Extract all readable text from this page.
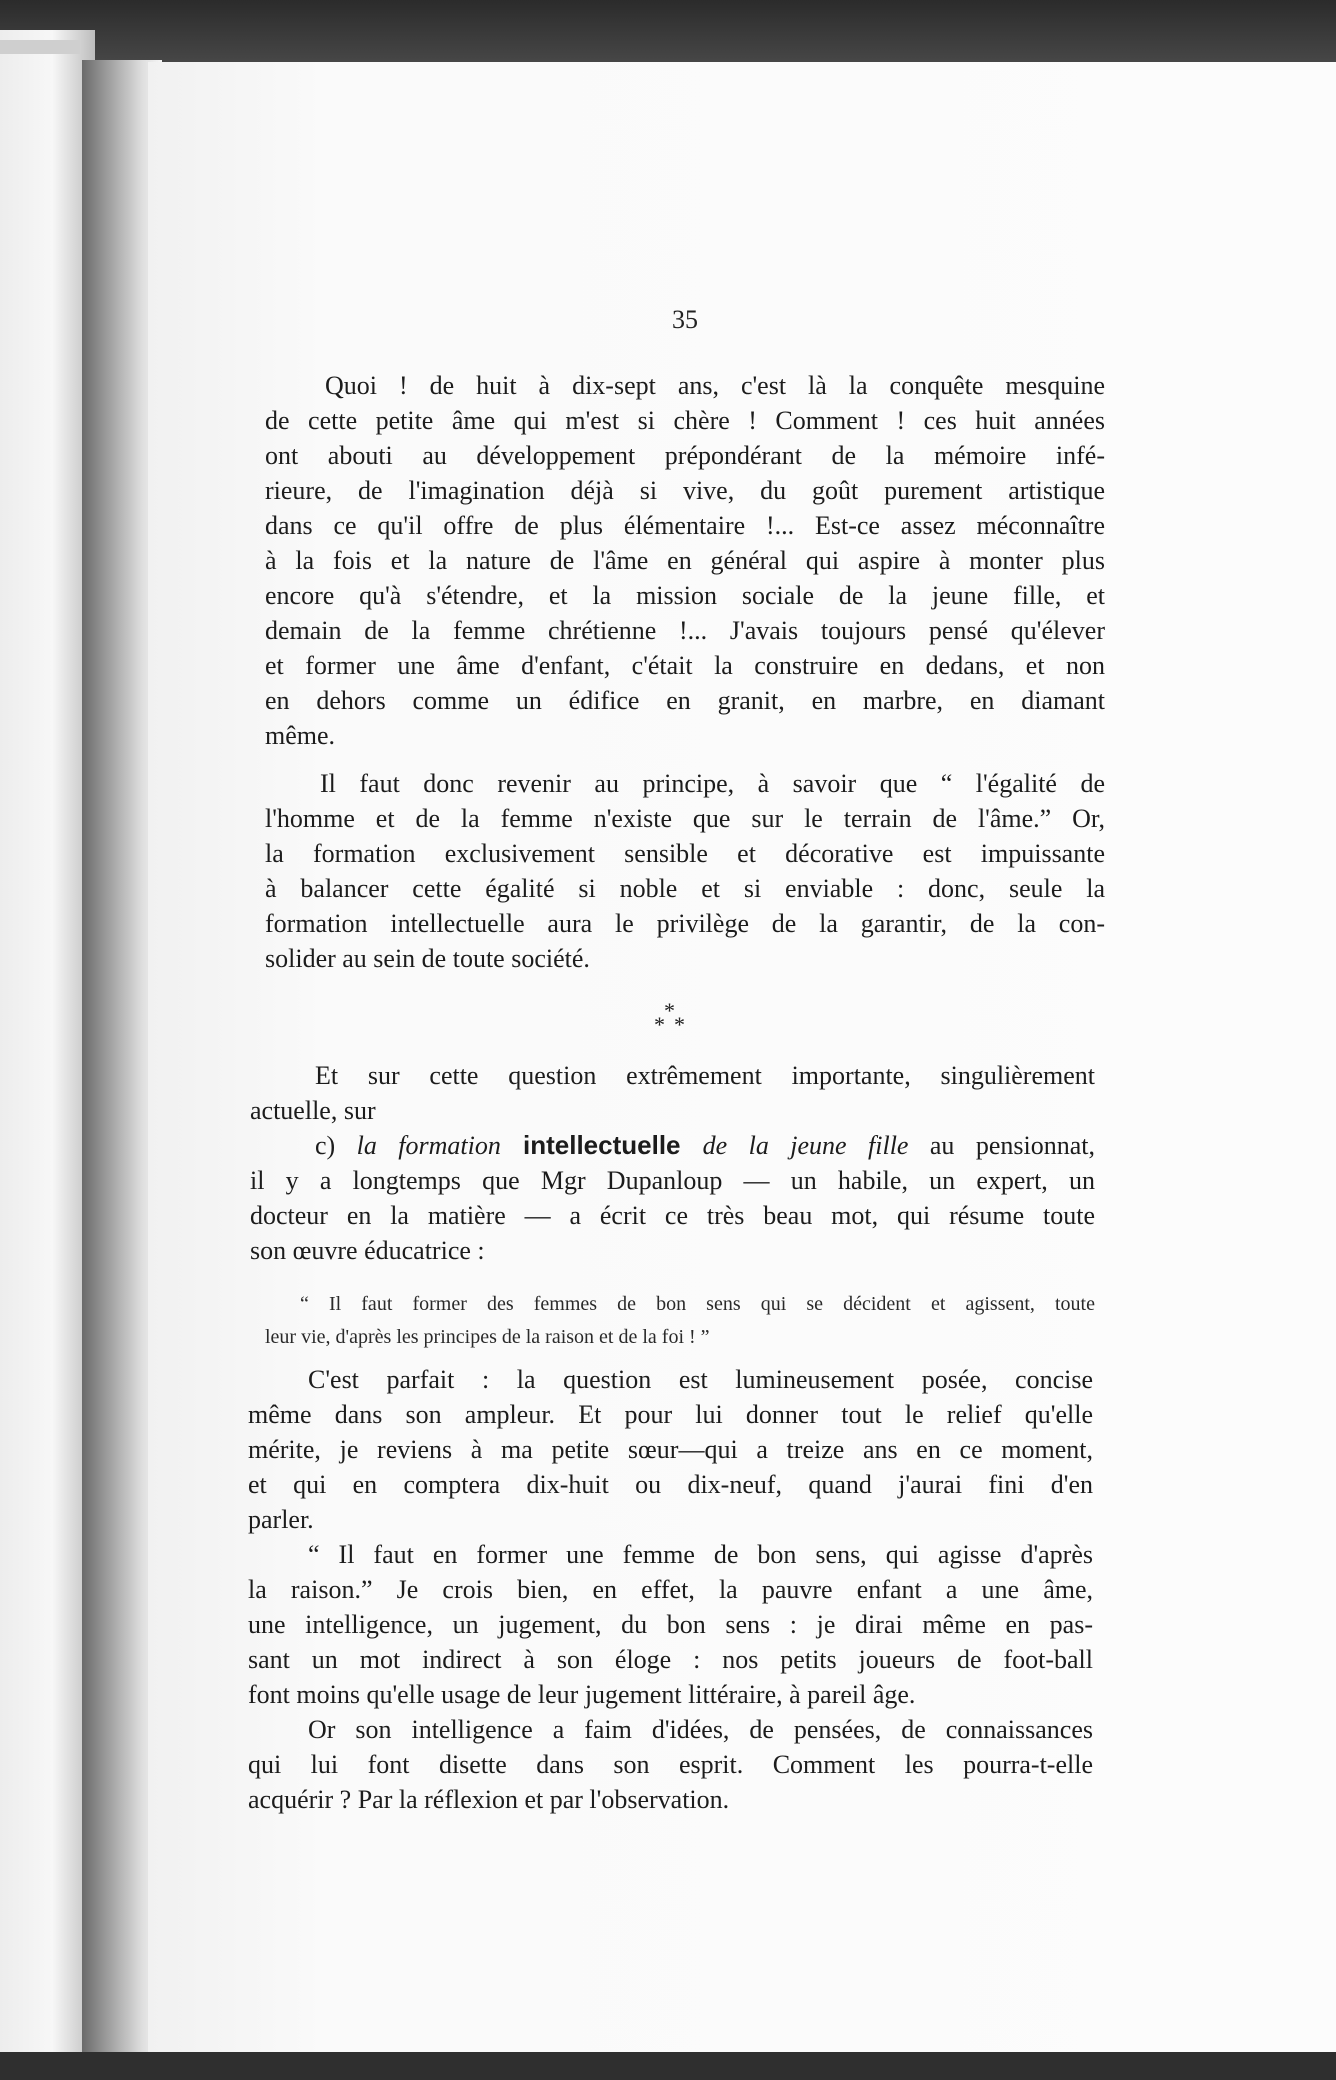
35
Quoi ! de huit à dix-sept ans, c'est là la conquête mesquine
de cette petite âme qui m'est si chère ! Comment ! ces huit années
ont abouti au développement prépondérant de la mémoire infé-
rieure, de l'imagination déjà si vive, du goût purement artistique
dans ce qu'il offre de plus élémentaire !... Est-ce assez méconnaître
à la fois et la nature de l'âme en général qui aspire à monter plus
encore qu'à s'étendre, et la mission sociale de la jeune fille, et
demain de la femme chrétienne !... J'avais toujours pensé qu'élever
et former une âme d'enfant, c'était la construire en dedans, et non
en dehors comme un édifice en granit, en marbre, en diamant
même.
Il faut donc revenir au principe, à savoir que “ l'égalité de
l'homme et de la femme n'existe que sur le terrain de l'âme.” Or,
la formation exclusivement sensible et décorative est impuissante
à balancer cette égalité si noble et si enviable : donc, seule la
formation intellectuelle aura le privilège de la garantir, de la con-
solider au sein de toute société.
*
* *
Et sur cette question extrêmement importante, singulièrement
actuelle, sur
c) la formation intellectuelle de la jeune fille au pensionnat,
il y a longtemps que Mgr Dupanloup — un habile, un expert, un
docteur en la matière — a écrit ce très beau mot, qui résume toute
son œuvre éducatrice :
“ Il faut former des femmes de bon sens qui se décident et agissent, toute
leur vie, d'après les principes de la raison et de la foi ! ”
C'est parfait : la question est lumineusement posée, concise
même dans son ampleur. Et pour lui donner tout le relief qu'elle
mérite, je reviens à ma petite sœur—qui a treize ans en ce moment,
et qui en comptera dix-huit ou dix-neuf, quand j'aurai fini d'en
parler.
“ Il faut en former une femme de bon sens, qui agisse d'après
la raison.” Je crois bien, en effet, la pauvre enfant a une âme,
une intelligence, un jugement, du bon sens : je dirai même en pas-
sant un mot indirect à son éloge : nos petits joueurs de foot-ball
font moins qu'elle usage de leur jugement littéraire, à pareil âge.
Or son intelligence a faim d'idées, de pensées, de connaissances
qui lui font disette dans son esprit. Comment les pourra-t-elle
acquérir ? Par la réflexion et par l'observation.
